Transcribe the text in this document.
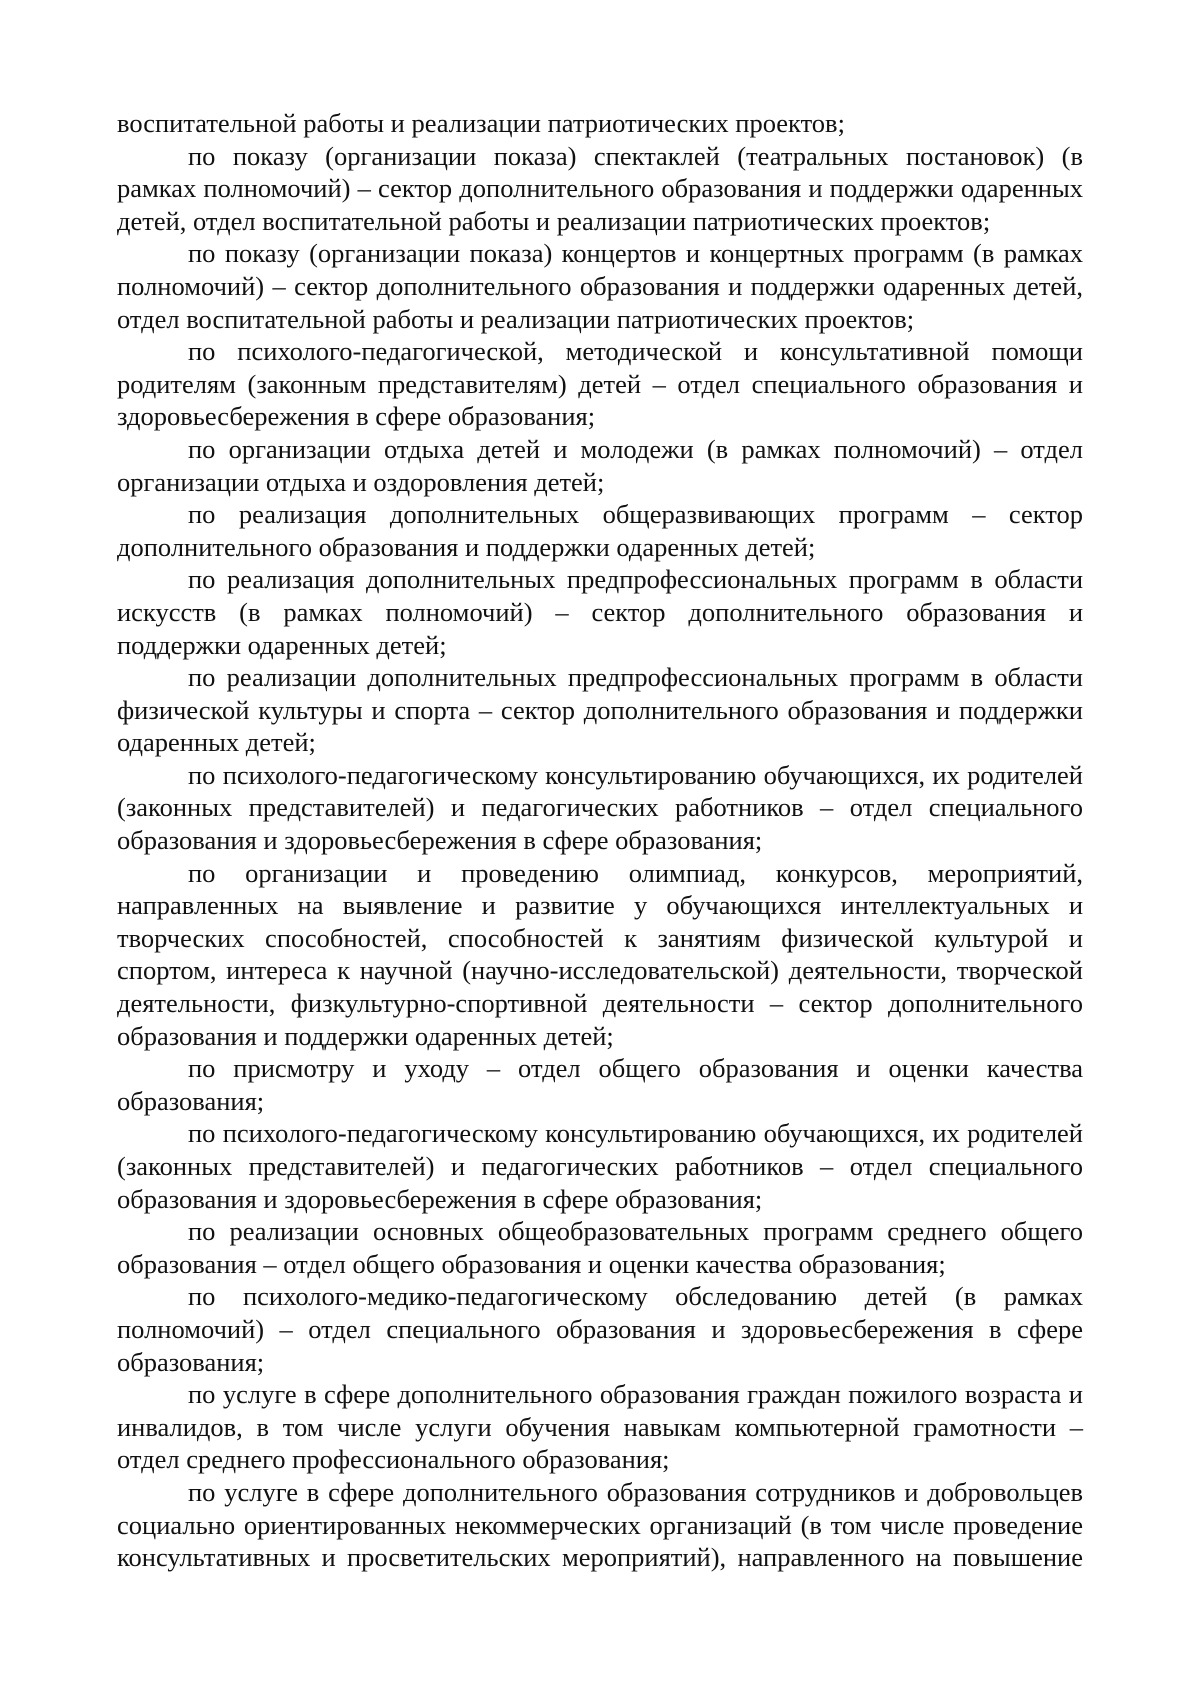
воспитательной работы и реализации патриотических проектов;

по показу (организации показа) спектаклей (театральных постановок) (в рамках полномочий) – сектор дополнительного образования и поддержки одаренных детей, отдел воспитательной работы и реализации патриотических проектов;

по показу (организации показа) концертов и концертных программ (в рамках полномочий) – сектор дополнительного образования и поддержки одаренных детей, отдел воспитательной работы и реализации патриотических проектов;

по психолого-педагогической, методической и консультативной помощи родителям (законным представителям) детей – отдел специального образования и здоровьесбережения в сфере образования;

по организации отдыха детей и молодежи (в рамках полномочий) – отдел организации отдыха и оздоровления детей;

по реализация дополнительных общеразвивающих программ – сектор дополнительного образования и поддержки одаренных детей;

по реализация дополнительных предпрофессиональных программ в области искусств (в рамках полномочий) – сектор дополнительного образования и поддержки одаренных детей;

по реализации дополнительных предпрофессиональных программ в области физической культуры и спорта – сектор дополнительного образования и поддержки одаренных детей;

по психолого-педагогическому консультированию обучающихся, их родителей (законных представителей) и педагогических работников – отдел специального образования и здоровьесбережения в сфере образования;

по организации и проведению олимпиад, конкурсов, мероприятий, направленных на выявление и развитие у обучающихся интеллектуальных и творческих способностей, способностей к занятиям физической культурой и спортом, интереса к научной (научно-исследовательской) деятельности, творческой деятельности, физкультурно-спортивной деятельности – сектор дополнительного образования и поддержки одаренных детей;

по присмотру и уходу – отдел общего образования и оценки качества образования;

по психолого-педагогическому консультированию обучающихся, их родителей (законных представителей) и педагогических работников – отдел специального образования и здоровьесбережения в сфере образования;

по реализации основных общеобразовательных программ среднего общего образования – отдел общего образования и оценки качества образования;

по психолого-медико-педагогическому обследованию детей (в рамках полномочий) – отдел специального образования и здоровьесбережения в сфере образования;

по услуге в сфере дополнительного образования граждан пожилого возраста и инвалидов, в том числе услуги обучения навыкам компьютерной грамотности – отдел среднего профессионального образования;

по услуге в сфере дополнительного образования сотрудников и добровольцев социально ориентированных некоммерческих организаций (в том числе проведение консультативных и просветительских мероприятий), направленного на повышение
